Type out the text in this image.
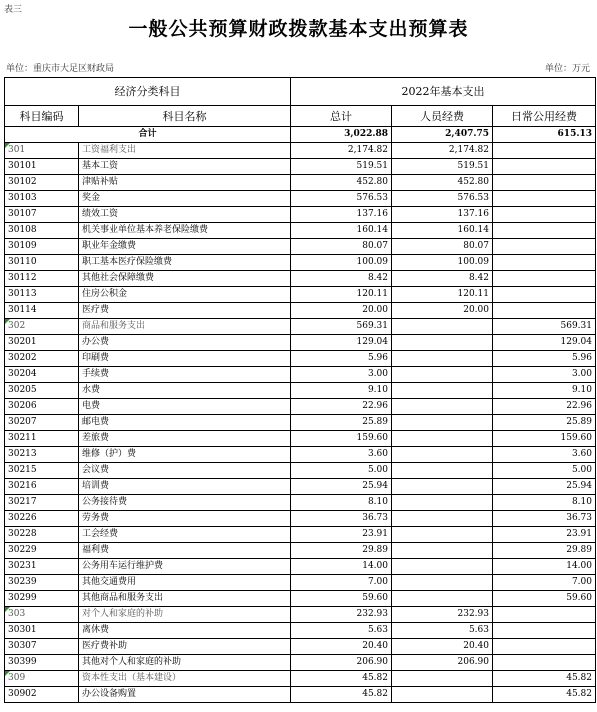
表三
一般公共预算财政拨款基本支出预算表
单位：重庆市大足区财政局	单位：万元
经济分类科目		2022年基本支出		
科目编码	科目名称	总计	人员经费	日常公用经费
合计		3,022.88	2,407.75	615.13

301	工资福利支出	2,174.82	2,174.82	
30101	基本工资	519.51	519.51	
30102	津贴补贴	452.80	452.80	
30103	奖金	576.53	576.53	
30107	绩效工资	137.16	137.16	
30108	机关事业单位基本养老保险缴费	160.14	160.14	
30109	职业年金缴费	80.07	80.07	
30110	职工基本医疗保险缴费	100.09	100.09	
30112	其他社会保障缴费	8.42	8.42	
30113	住房公积金	120.11	120.11	
30114	医疗费	20.00	20.00	

302	商品和服务支出	569.31		569.31
30201	办公费	129.04		129.04
30202	印刷费	5.96		5.96
30204	手续费	3.00		3.00
30205	水费	9.10		9.10
30206	电费	22.96		22.96
30207	邮电费	25.89		25.89
30211	差旅费	159.60		159.60
30213	维修（护）费	3.60		3.60
30215	会议费	5.00		5.00
30216	培训费	25.94		25.94
30217	公务接待费	8.10		8.10
30226	劳务费	36.73		36.73
30228	工会经费	23.91		23.91
30229	福利费	29.89		29.89
30231	公务用车运行维护费	14.00		14.00
30239	其他交通费用	7.00		7.00
30299	其他商品和服务支出	59.60		59.60

303	对个人和家庭的补助	232.93	232.93	
30301	离休费	5.63	5.63	
30307	医疗费补助	20.40	20.40	
30399	其他对个人和家庭的补助	206.90	206.90	

309	资本性支出（基本建设）	45.82		45.82
30902	办公设备购置	45.82		45.82
